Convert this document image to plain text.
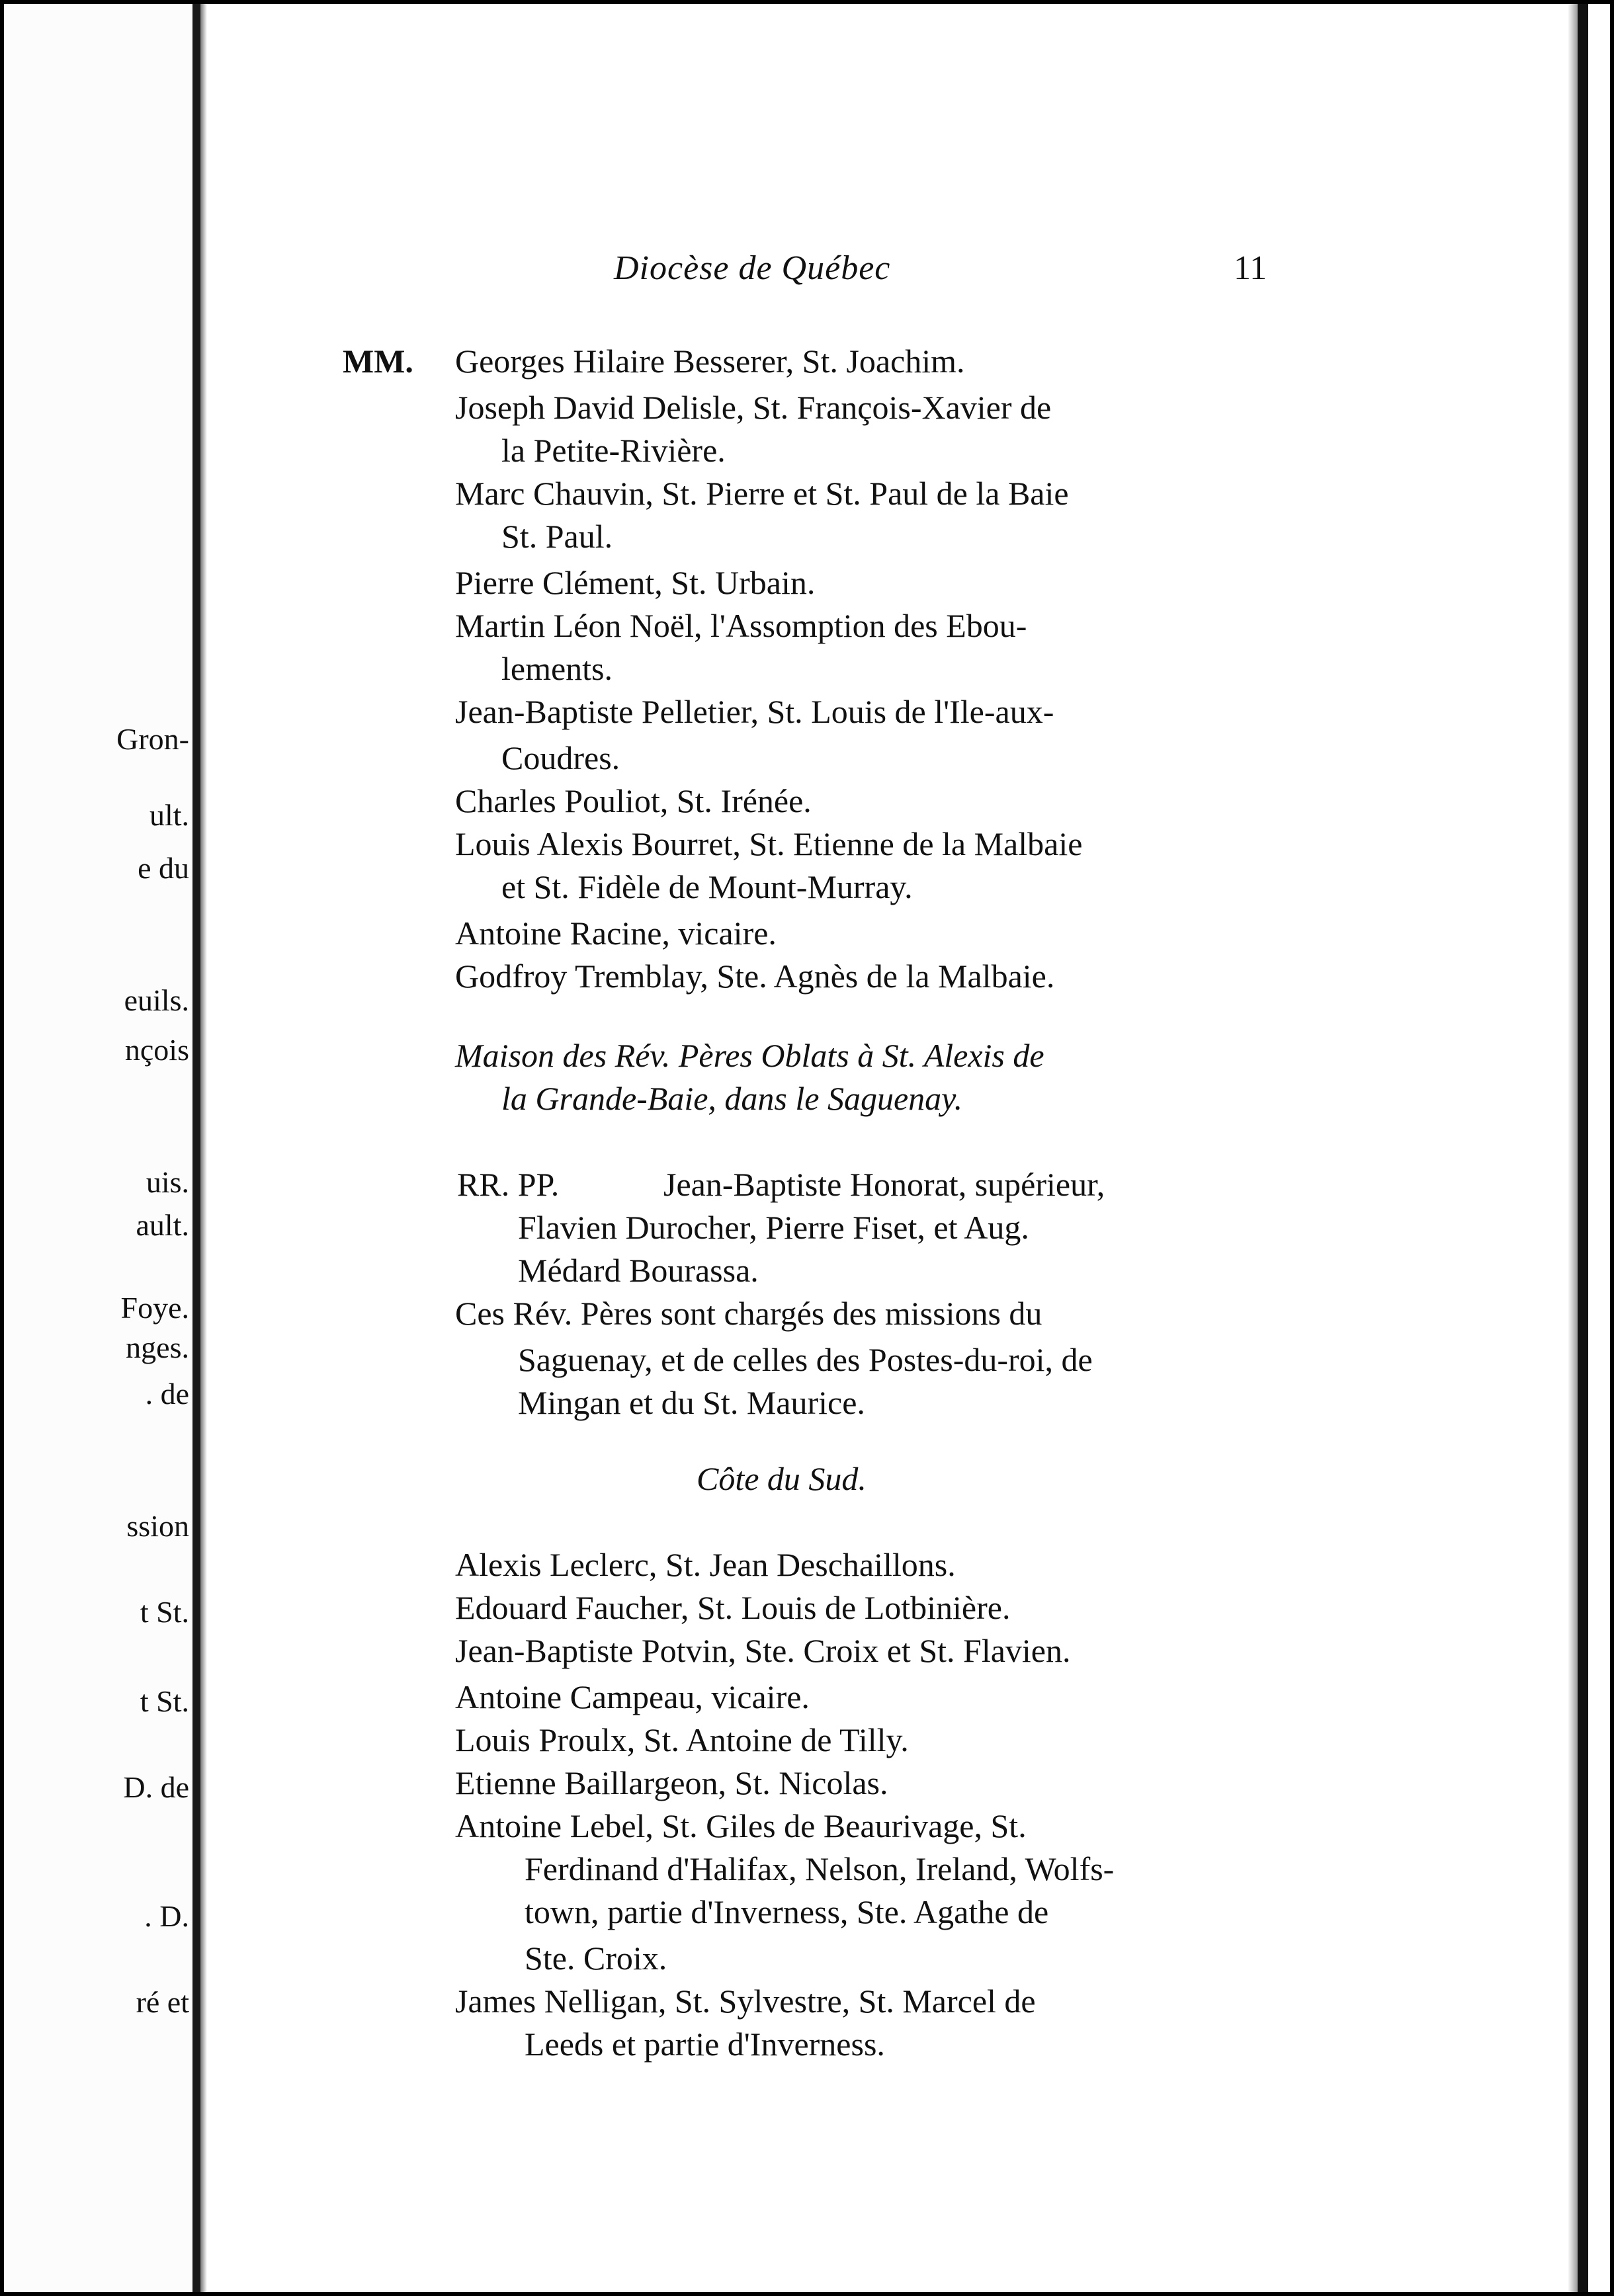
Gron-
ult.
e du
euils.
nçois
uis.
ault.
Foye.
nges.
. de
ssion
t St.
t St.
D. de
. D.
ré et
Diocèse de Québec	11
MM. Georges Hilaire Besserer, St. Joachim.
Joseph David Delisle, St. François-Xavier de
la Petite-Rivière.
Marc Chauvin, St. Pierre et St. Paul de la Baie
St. Paul.
Pierre Clément, St. Urbain.
Martin Léon Noël, l'Assomption des Ebou-
lements.
Jean-Baptiste Pelletier, St. Louis de l'Ile-aux-
Coudres.
Charles Pouliot, St. Irénée.
Louis Alexis Bourret, St. Etienne de la Malbaie
et St. Fidèle de Mount-Murray.
Antoine Racine, vicaire.
Godfroy Tremblay, Ste. Agnès de la Malbaie.
Maison des Rév. Pères Oblats à St. Alexis de
la Grande-Baie, dans le Saguenay.
RR. PP.	Jean-Baptiste Honorat, supérieur,
Flavien Durocher, Pierre Fiset, et Aug.
Médard Bourassa.
Ces Rév. Pères sont chargés des missions du
Saguenay, et de celles des Postes-du-roi, de
Mingan et du St. Maurice.
Côte du Sud.
Alexis Leclerc, St. Jean Deschaillons.
Edouard Faucher, St. Louis de Lotbinière.
Jean-Baptiste Potvin, Ste. Croix et St. Flavien.
Antoine Campeau, vicaire.
Louis Proulx, St. Antoine de Tilly.
Etienne Baillargeon, St. Nicolas.
Antoine Lebel, St. Giles de Beaurivage, St.
Ferdinand d'Halifax, Nelson, Ireland, Wolfs-
town, partie d'Inverness, Ste. Agathe de
Ste. Croix.
James Nelligan, St. Sylvestre, St. Marcel de
Leeds et partie d'Inverness.
